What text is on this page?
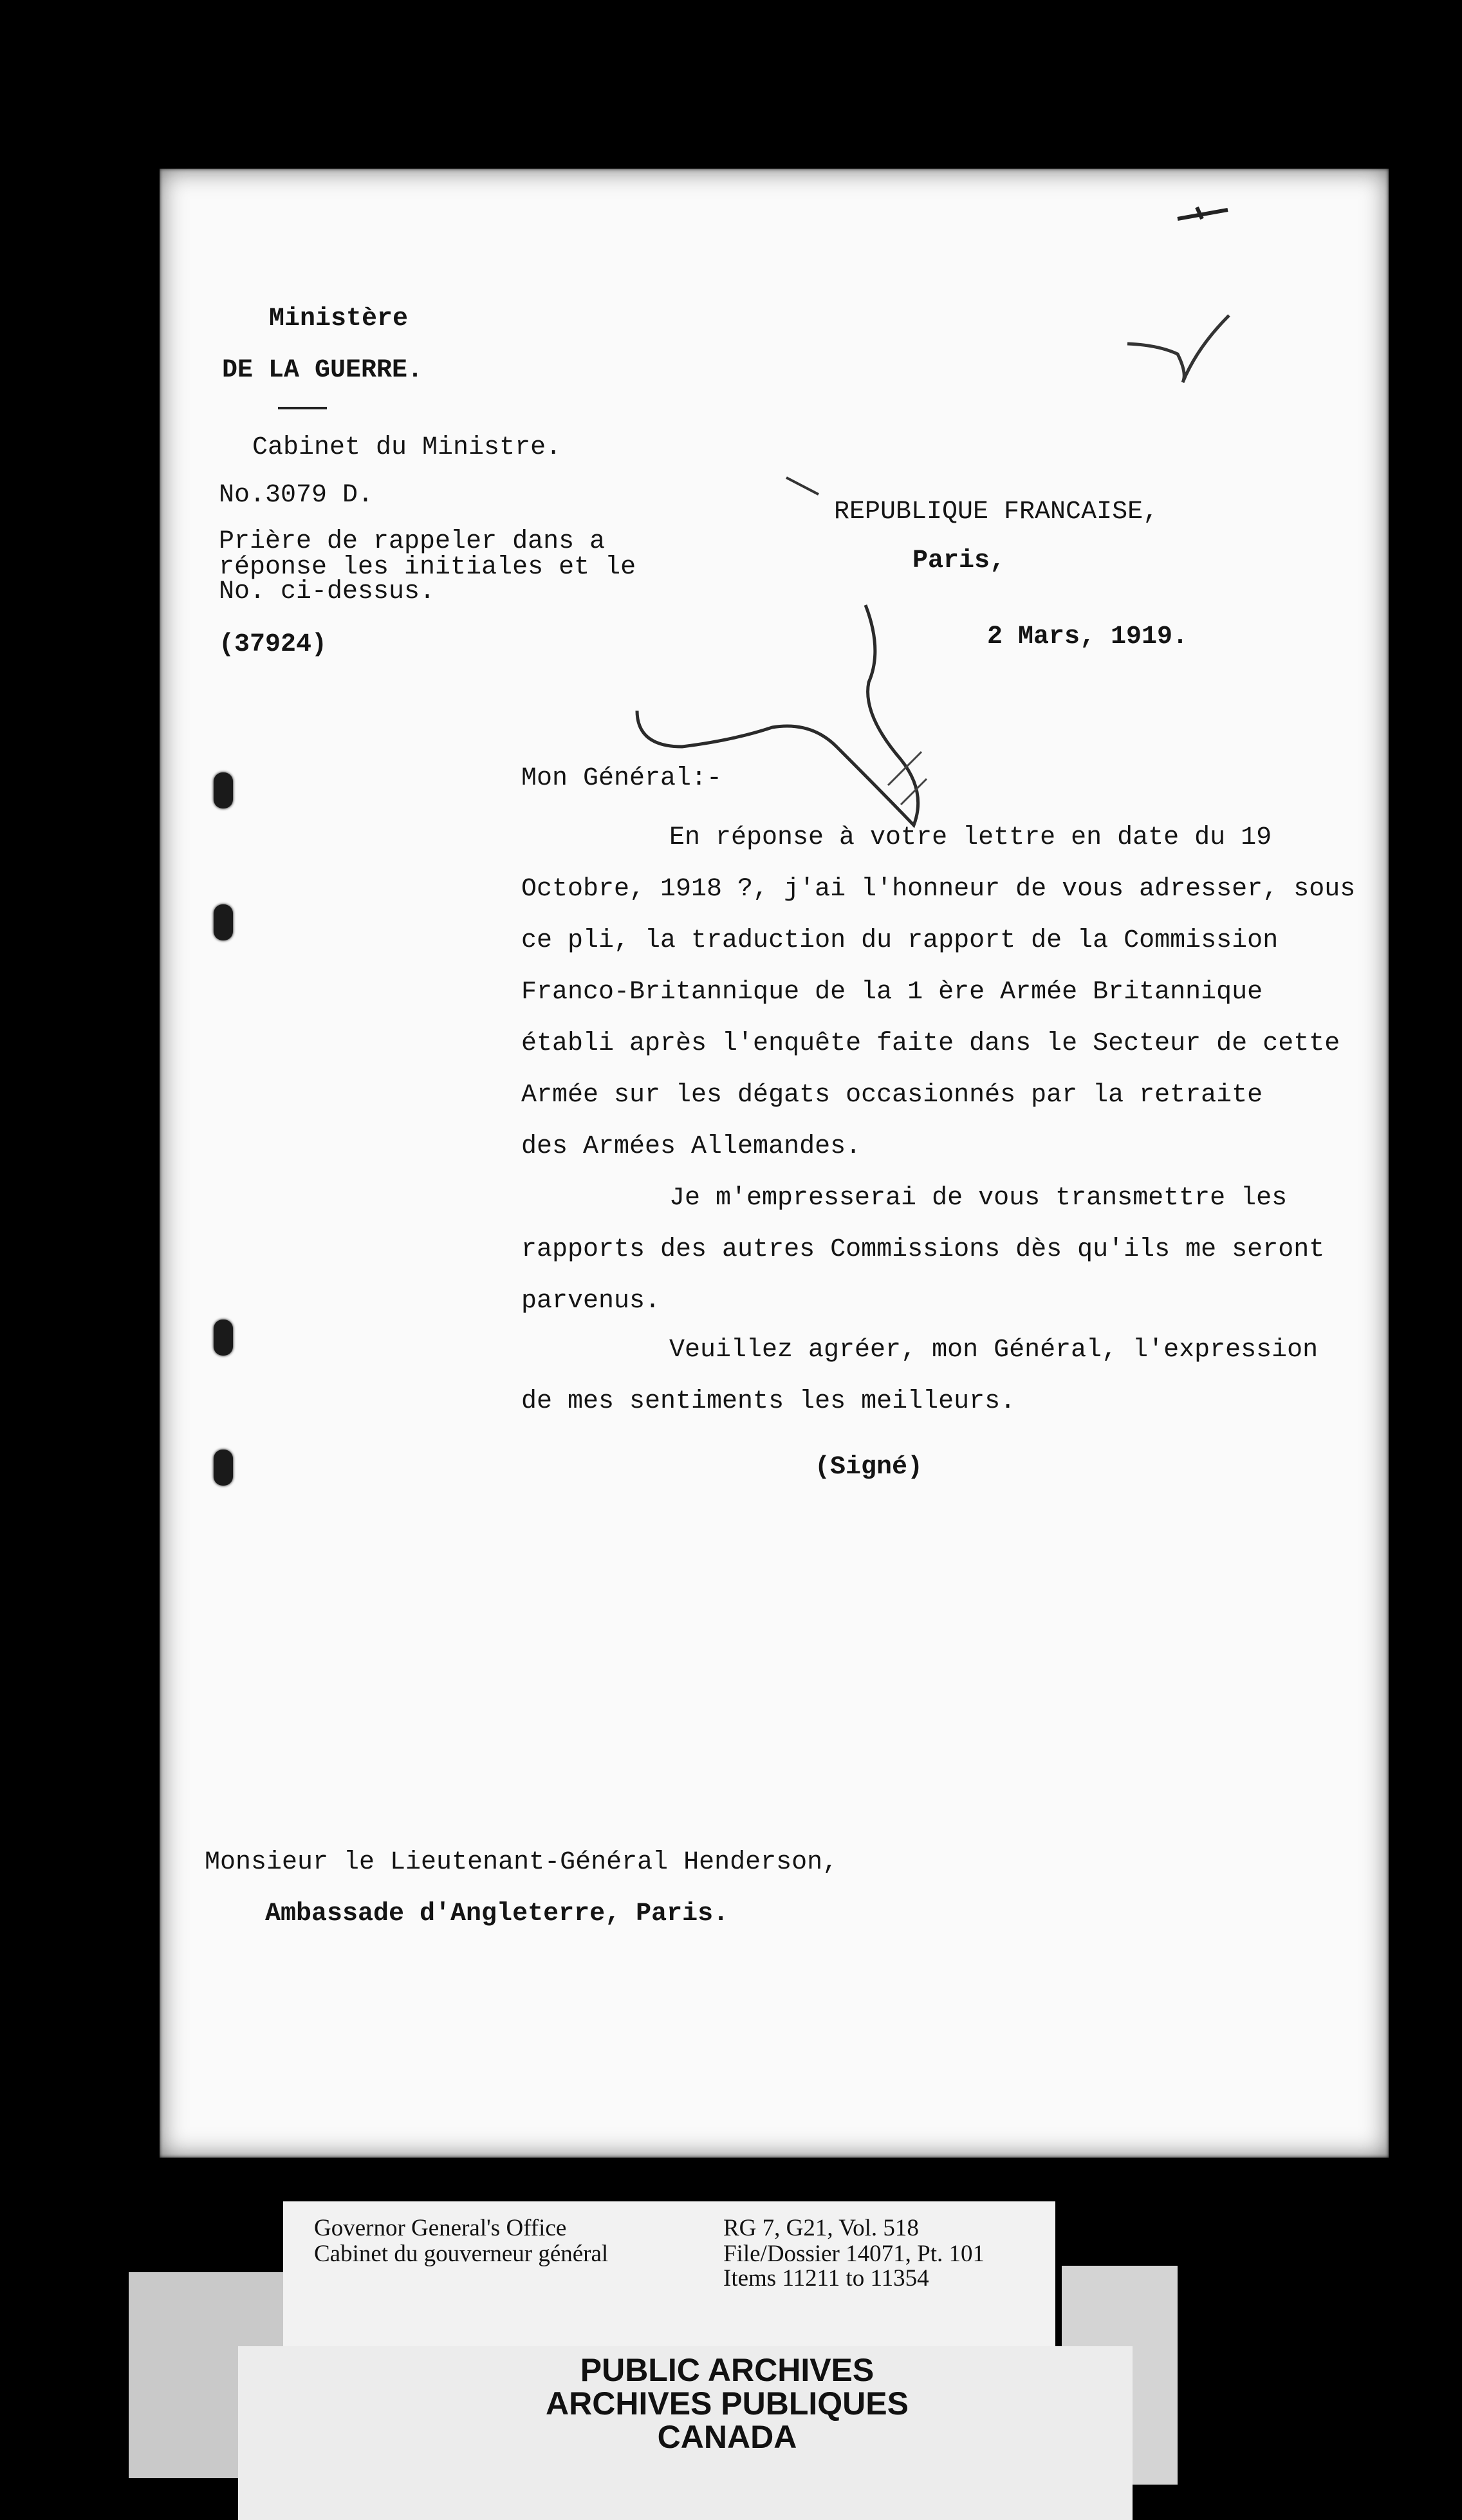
Ministère
DE LA GUERRE.
Cabinet du Ministre.
No.3079 D.
Prière de rappeler dans a
réponse les initiales et le
No. ci-dessus.
(37924)
REPUBLIQUE FRANCAISE,
Paris,
2 Mars, 1919.
Mon Général:-

En réponse à votre lettre en date du 19

Octobre, 1918 ?, j'ai l'honneur de vous adresser, sous

ce pli, la traduction du rapport de la Commission

Franco-Britannique de la 1 ère Armée Britannique

établi après l'enquête faite dans le Secteur de cette

Armée sur les dégats occasionnés par la retraite

des Armées Allemandes.

Je m'empresserai de vous transmettre les

rapports des autres Commissions dès qu'ils me seront

parvenus.

Veuillez agréer, mon Général, l'expression

de mes sentiments les meilleurs.

(Signé)
Monsieur le Lieutenant-Général Henderson,
Ambassade d'Angleterre, Paris.
Governor General's Office
Cabinet du gouverneur général
RG 7, G21, Vol. 518
File/Dossier 14071, Pt. 101
Items 11211 to 11354
PUBLIC ARCHIVES
ARCHIVES PUBLIQUES
CANADA
